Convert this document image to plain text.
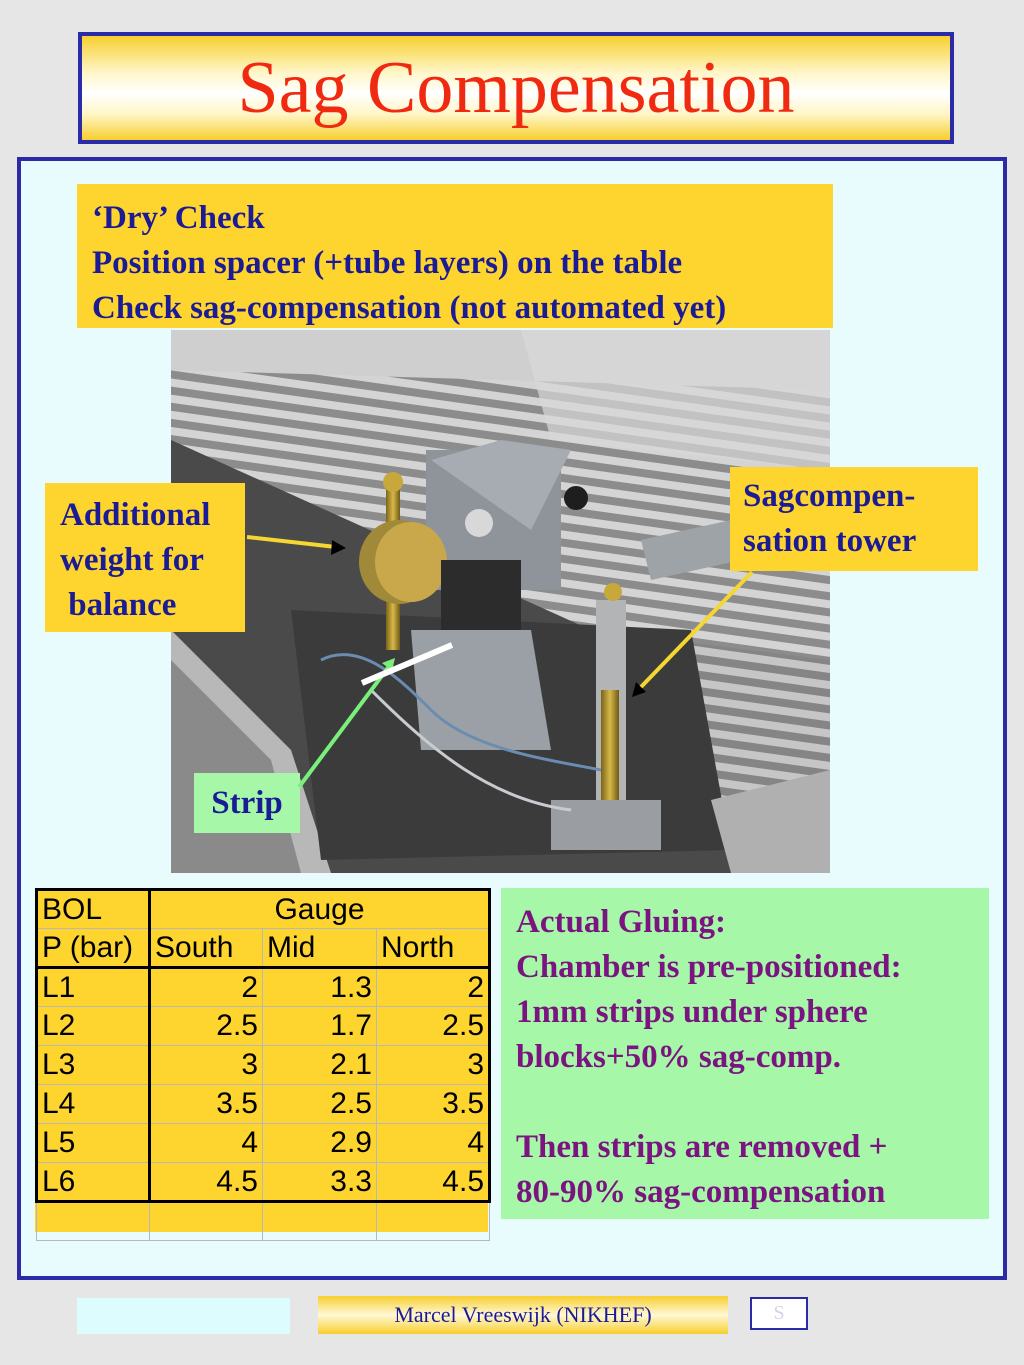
Sag Compensation
‘Dry’ Check
Position spacer (+tube layers) on the table
Check sag-compensation (not automated yet)
Additional
weight for
balance
Sagcompen-
sation tower
Strip
BOL	Gauge		
P (bar)	South	Mid	North
L1	2	1.3	2
L2	2.5	1.7	2.5
L3	3	2.1	3
L4	3.5	2.5	3.5
L5	4	2.9	4
L6	4.5	3.3	4.5

Actual Gluing:
Chamber is pre-positioned:
1mm strips under sphere
blocks+50% sag-comp.
Then strips are removed +
80-90% sag-compensation
Marcel Vreeswijk (NIKHEF)	S
